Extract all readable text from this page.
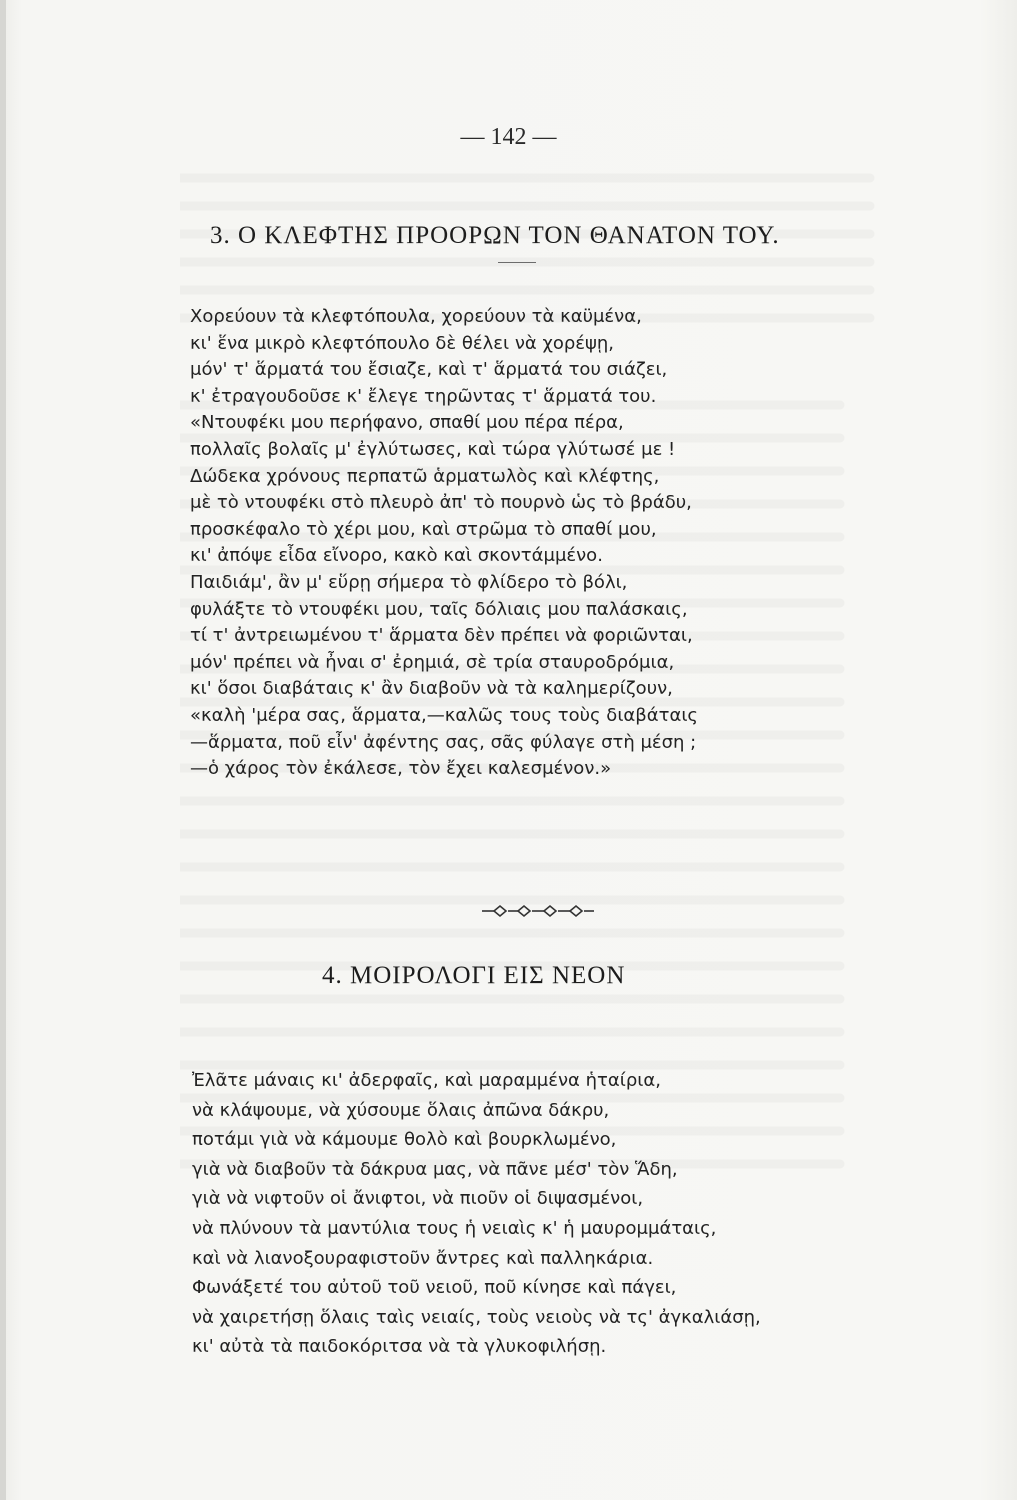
— 142 —
3. Ο ΚΛΕΦΤΗΣ ΠΡΟΟΡΩΝ ΤΟΝ ΘΑΝΑΤΟΝ ΤΟΥ.
Χορεύουν τὰ κλεφτόπουλα, χορεύουν τὰ καϋμένα,
κι' ἕνα μικρὸ κλεφτόπουλο δὲ θέλει νὰ χορέψῃ,
μόν' τ' ἅρματά του ἔσιαζε, καὶ τ' ἅρματά του σιάζει,
κ' ἐτραγουδοῦσε κ' ἔλεγε τηρῶντας τ' ἅρματά του.
«Ντουφέκι μου περήφανο, σπαθί μου πέρα πέρα,
πολλαῖς βολαῖς μ' ἐγλύτωσες, καὶ τώρα γλύτωσέ με !
Δώδεκα χρόνους περπατῶ ἁρματωλὸς καὶ κλέφτης,
μὲ τὸ ντουφέκι στὸ πλευρὸ ἀπ' τὸ πουρνὸ ὡς τὸ βράδυ,
προσκέφαλο τὸ χέρι μου, καὶ στρῶμα τὸ σπαθί μου,
κι' ἀπόψε εἶδα εἴνορο, κακὸ καὶ σκοντάμμένο.
Παιδιάμ', ἂν μ' εὕρῃ σήμερα τὸ φλίδερο τὸ βόλι,
φυλάξτε τὸ ντουφέκι μου, ταῖς δόλιαις μου παλάσκαις,
τί τ' ἀντρειωμένου τ' ἅρματα δὲν πρέπει νὰ φοριῶνται,
μόν' πρέπει νὰ ἦναι σ' ἐρημιά, σὲ τρία σταυροδρόμια,
κι' ὅσοι διαβάταις κ' ἂν διαβοῦν νὰ τὰ καλημερίζουν,
«καλὴ 'μέρα σας, ἅρματα,—καλῶς τους τοὺς διαβάταις
—ἅρματα, ποῦ εἶν' ἀφέντης σας, σᾶς φύλαγε στὴ μέση ;
—ὁ χάρος τὸν ἐκάλεσε, τὸν ἔχει καλεσμένον.»
4. ΜΟΙΡΟΛΟΓΙ ΕΙΣ ΝΕΟΝ
Ἐλᾶτε μάναις κι' ἀδερφαῖς, καὶ μαραμμένα ἡταίρια,
νὰ κλάψουμε, νὰ χύσουμε ὅλαις ἀπῶνα δάκρυ,
ποτάμι γιὰ νὰ κάμουμε θολὸ καὶ βουρκλωμένο,
γιὰ νὰ διαβοῦν τὰ δάκρυα μας, νὰ πᾶνε μέσ' τὸν Ἅδη,
γιὰ νὰ νιφτοῦν οἱ ἄνιφτοι, νὰ πιοῦν οἱ διψασμένοι,
νὰ πλύνουν τὰ μαντύλια τους ἡ νειαὶς κ' ἡ μαυρομμάταις,
καὶ νὰ λιανοξουραφιστοῦν ἄντρες καὶ παλληκάρια.
Φωνάξετέ του αὐτοῦ τοῦ νειοῦ, ποῦ κίνησε καὶ πάγει,
νὰ χαιρετήσῃ ὅλαις ταὶς νειαίς, τοὺς νειοὺς νὰ τς' ἀγκαλιάσῃ,
κι' αὐτὰ τὰ παιδοκόριτσα νὰ τὰ γλυκοφιλήσῃ.
